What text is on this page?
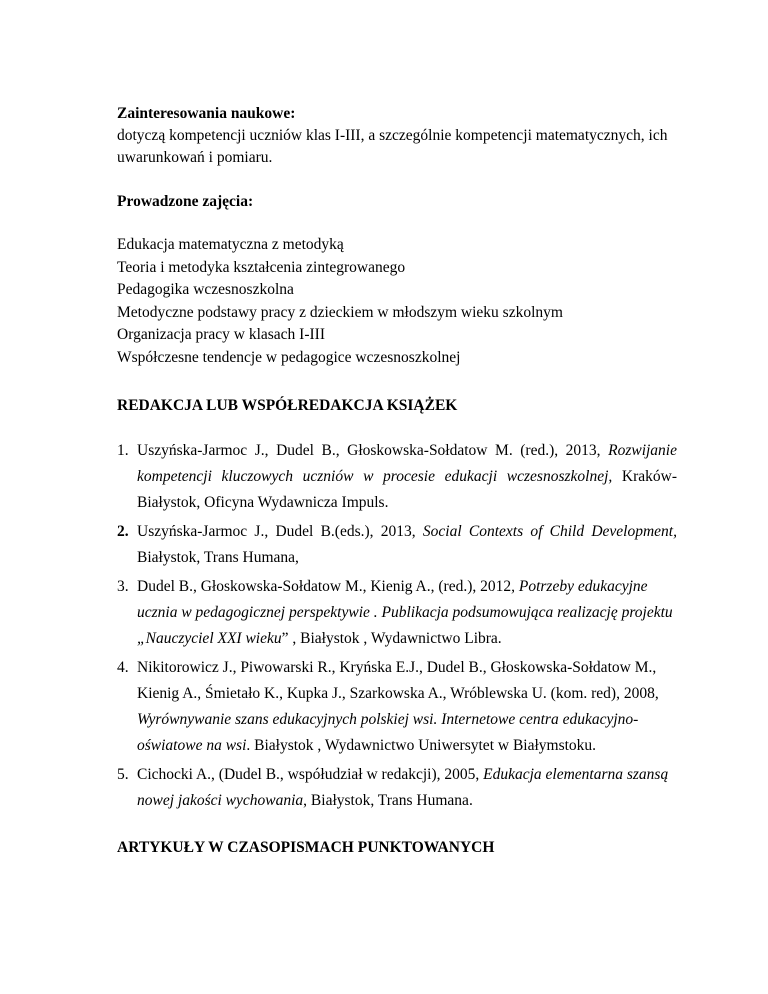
Zainteresowania naukowe:

dotyczą kompetencji uczniów klas I-III, a szczególnie kompetencji matematycznych, ich

uwarunkowań i pomiaru.

Prowadzone zajęcia:

Edukacja matematyczna z metodyką

Teoria i metodyka kształcenia zintegrowanego

Pedagogika wczesnoszkolna

Metodyczne podstawy pracy z dzieckiem w młodszym wieku szkolnym

Organizacja pracy w klasach I-III

Współczesne tendencje w pedagogice wczesnoszkolnej

REDAKCJA LUB WSPÓŁREDAKCJA KSIĄŻEK

1. Uszyńska-Jarmoc J., Dudel B., Głoskowska-Sołdatow M. (red.), 2013, Rozwijanie kompetencji kluczowych uczniów w procesie edukacji wczesnoszkolnej, Kraków-Białystok, Oficyna Wydawnicza Impuls.
2. Uszyńska-Jarmoc J., Dudel B.(eds.), 2013, Social Contexts of Child Development, Białystok, Trans Humana,
3. Dudel B., Głoskowska-Sołdatow M., Kienig A., (red.), 2012, Potrzeby edukacyjne uczniа w pedagogicznej perspektywie . Publikacja podsumowująca realizację projektu „Nauczyciel XXI wieku” , Białystok , Wydawnictwo Libra.
4. Nikitorowicz J., Piwowarski R., Kryńska E.J., Dudel B., Głoskowska-Sołdatow M., Kienig A., Śmietało K., Kupka J., Szarkowska A., Wróblewska U. (kom. red), 2008, Wyrównywanie szans edukacyjnych polskiej wsi. Internetowe centra edukacyjno-oświatowe na wsi. Białystok , Wydawnictwo Uniwersytet w Białymstoku.
5. Cichocki A., (Dudel B., współudział w redakcji), 2005, Edukacja elementarna szansą nowej jakości wychowania, Białystok, Trans Humana.

ARTYKUŁY W CZASOPISMACH PUNKTOWANYCH
